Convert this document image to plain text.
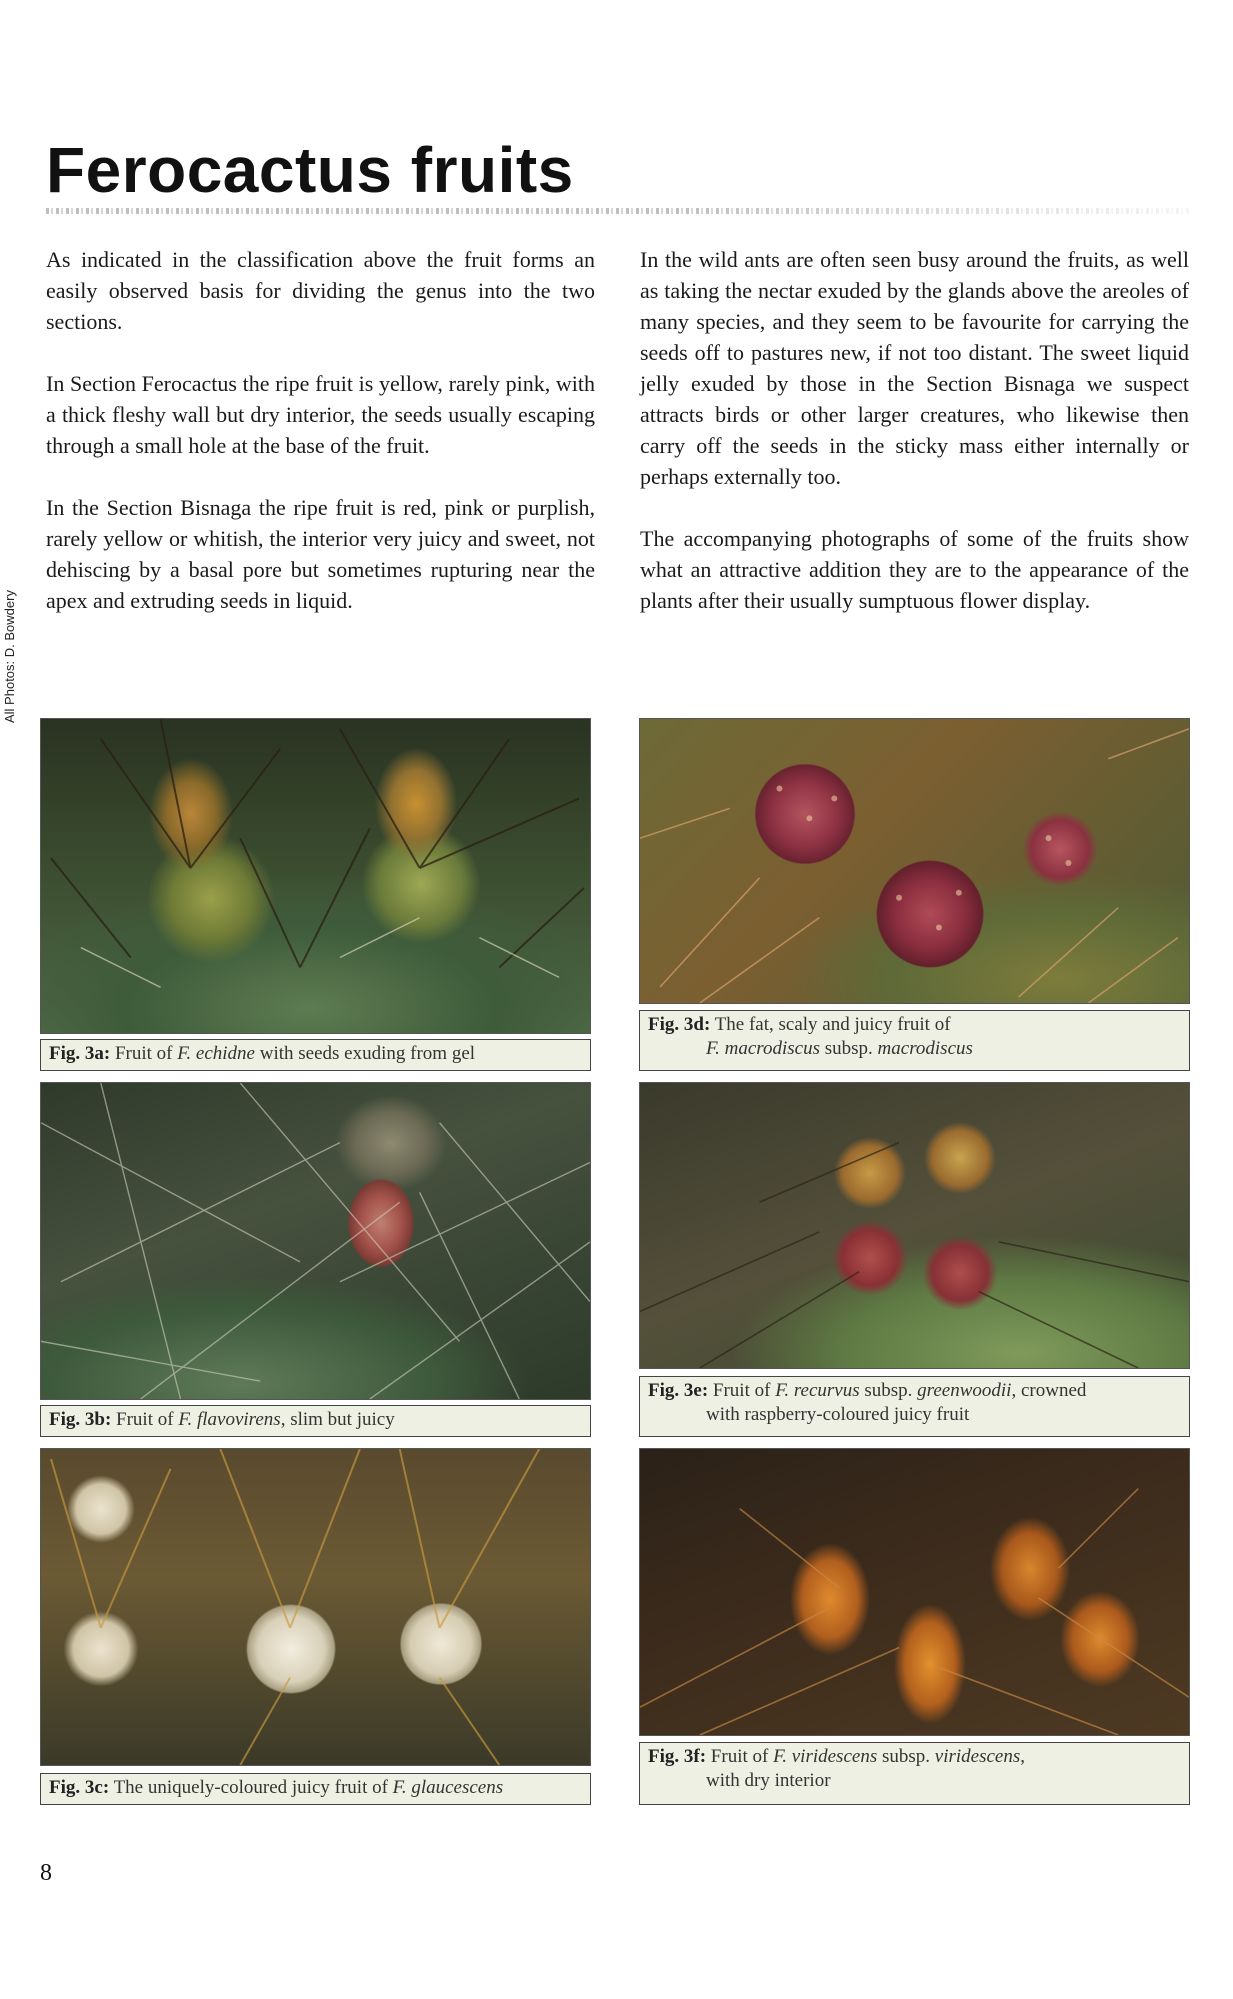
Ferocactus fruits

As indicated in the classification above the fruit forms an easily observed basis for dividing the genus into the two sections.

In Section Ferocactus the ripe fruit is yellow, rarely pink, with a thick fleshy wall but dry interior, the seeds usually escaping through a small hole at the base of the fruit.

In the Section Bisnaga the ripe fruit is red, pink or purplish, rarely yellow or whitish, the interior very juicy and sweet, not dehiscing by a basal pore but sometimes rupturing near the apex and extruding seeds in liquid.

In the wild ants are often seen busy around the fruits, as well as taking the nectar exuded by the glands above the areoles of many species, and they seem to be favourite for carrying the seeds off to pastures new, if not too distant. The sweet liquid jelly exuded by those in the Section Bisnaga we suspect attracts birds or other larger creatures, who likewise then carry off the seeds in the sticky mass either internally or perhaps externally too.

The accompanying photographs of some of the fruits show what an attractive addition they are to the appearance of the plants after their usually sumptuous flower display.

All Photos: D. Bowdery
Fig. 3a: Fruit of F. echidne with seeds exuding from gel
Fig. 3d: The fat, scaly and juicy fruit of
F. macrodiscus subsp. macrodiscus
Fig. 3b: Fruit of F. flavovirens, slim but juicy
Fig. 3e: Fruit of F. recurvus subsp. greenwoodii, crowned
with raspberry-coloured juicy fruit
Fig. 3c: The uniquely-coloured juicy fruit of F. glaucescens
Fig. 3f: Fruit of F. viridescens subsp. viridescens,
with dry interior
8
